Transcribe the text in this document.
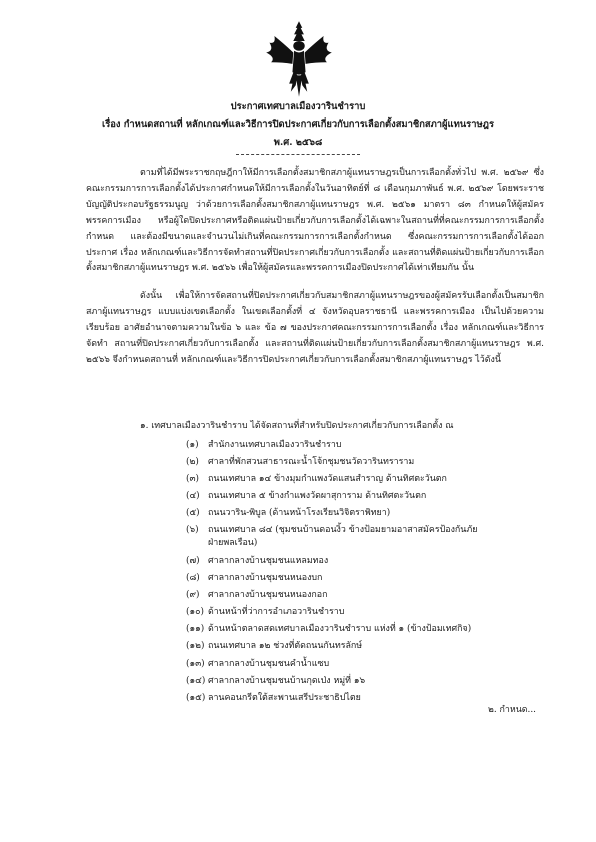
ประกาศเทศบาลเมืองวารินชำราบ
เรื่อง กำหนดสถานที่ หลักเกณฑ์และวิธีการปิดประกาศเกี่ยวกับการเลือกตั้งสมาชิกสภาผู้แทนราษฎร
พ.ศ. ๒๕๖๘
ตามที่ได้มีพระราชกฤษฎีกาให้มีการเลือกตั้งสมาชิกสภาผู้แทนราษฎรเป็นการเลือกตั้งทั่วไป พ.ศ. ๒๕๖๙ ซึ่งคณะกรรมการการเลือกตั้งได้ประกาศกำหนดให้มีการเลือกตั้งในวันอาทิตย์ที่ ๘ เดือนกุมภาพันธ์ พ.ศ. ๒๕๖๙ โดยพระราชบัญญัติประกอบรัฐธรรมนูญ ว่าด้วยการเลือกตั้งสมาชิกสภาผู้แทนราษฎร พ.ศ. ๒๕๖๑ มาตรา ๘๓ กำหนดให้ผู้สมัคร พรรคการเมือง หรือผู้ใดปิดประกาศหรือติดแผ่นป้ายเกี่ยวกับการเลือกตั้งได้เฉพาะในสถานที่ที่คณะกรรมการการเลือกตั้งกำหนด และต้องมีขนาดและจำนวนไม่เกินที่คณะกรรมการการเลือกตั้งกำหนด ซึ่งคณะกรรมการการเลือกตั้งได้ออกประกาศ เรื่อง หลักเกณฑ์และวิธีการจัดทำสถานที่ปิดประกาศเกี่ยวกับการเลือกตั้ง และสถานที่ติดแผ่นป้ายเกี่ยวกับการเลือกตั้งสมาชิกสภาผู้แทนราษฎร พ.ศ. ๒๕๖๖ เพื่อให้ผู้สมัครและพรรคการเมืองปิดประกาศได้เท่าเทียมกัน นั้น
ดังนั้น เพื่อให้การจัดสถานที่ปิดประกาศเกี่ยวกับสมาชิกสภาผู้แทนราษฎรของผู้สมัครรับเลือกตั้งเป็นสมาชิกสภาผู้แทนราษฎร แบบแบ่งเขตเลือกตั้ง ในเขตเลือกตั้งที่ ๔ จังหวัดอุบลราชธานี และพรรคการเมือง เป็นไปด้วยความเรียบร้อย อาศัยอำนาจตามความในข้อ ๖ และ ข้อ ๗ ของประกาศคณะกรรมการการเลือกตั้ง เรื่อง หลักเกณฑ์และวิธีการจัดทำ สถานที่ปิดประกาศเกี่ยวกับการเลือกตั้ง และสถานที่ติดแผ่นป้ายเกี่ยวกับการเลือกตั้งสมาชิกสภาผู้แทนราษฎร พ.ศ. ๒๕๖๖ จึงกำหนดสถานที่ หลักเกณฑ์และวิธีการปิดประกาศเกี่ยวกับการเลือกตั้งสมาชิกสภาผู้แทนราษฎร ไว้ดังนี้
๑. เทศบาลเมืองวารินชำราบ ได้จัดสถานที่สำหรับปิดประกาศเกี่ยวกับการเลือกตั้ง ณ
(๑) สำนักงานเทศบาลเมืองวารินชำราบ
(๒) ศาลาที่พักสวนสาธารณะน้ำโจ้กชุมชนวัดวารินทราราม
(๓) ถนนเทศบาล ๑๔ ข้างมุมกำแพงวัดแสนสำราญ ด้านทิศตะวันตก
(๔) ถนนเทศบาล ๕ ข้างกำแพงวัดผาสุการาม ด้านทิศตะวันตก
(๕) ถนนวาริน-พิบูล (ด้านหน้าโรงเรียนวิจิตราพิทยา)
(๖) ถนนเทศบาล ๘๔ (ชุมชนบ้านดอนงิ้ว ข้างป้อมยามอาสาสมัครป้องกันภัย
ฝ่ายพลเรือน)
(๗) ศาลากลางบ้านชุมชนแหลมทอง
(๘) ศาลากลางบ้านชุมชนหนองบก
(๙) ศาลากลางบ้านชุมชนหนองกอก
(๑๐) ด้านหน้าที่ว่าการอำเภอวารินชำราบ
(๑๑) ด้านหน้าตลาดสดเทศบาลเมืองวารินชำราบ แห่งที่ ๑ (ข้างป้อมเทศกิจ)
(๑๒) ถนนเทศบาล ๑๒ ช่วงที่ตัดถนนกันทรลักษ์
(๑๓) ศาลากลางบ้านชุมชนคำน้ำแซบ
(๑๔) ศาลากลางบ้านชุมชนบ้านกุดเป่ง หมู่ที่ ๑๖
(๑๕) ลานคอนกรีตใต้สะพานเสรีประชาธิปไตย
๒. กำหนด...
